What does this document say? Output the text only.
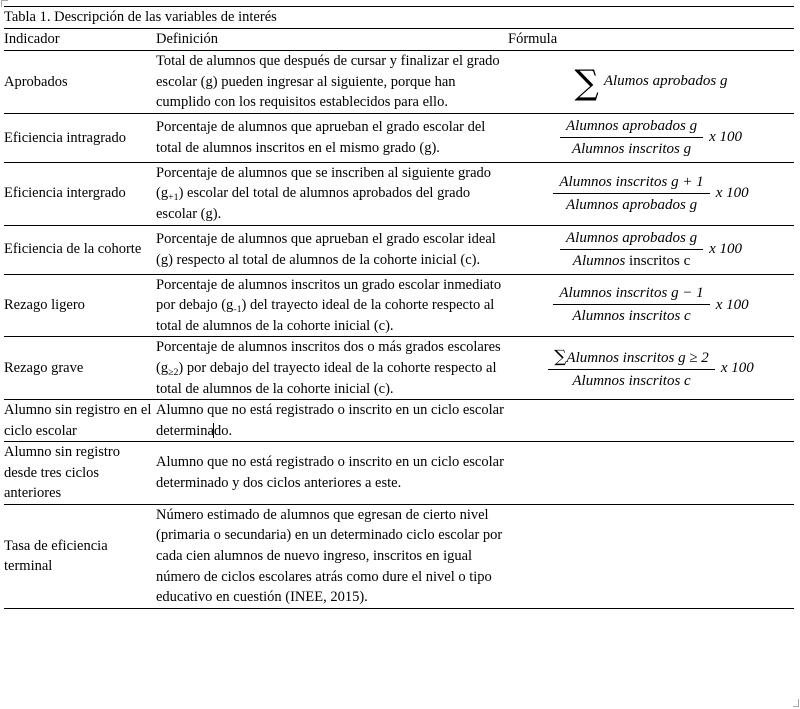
Tabla 1. Descripción de las variables de interés		
Indicador	Definición	Fórmula
Aprobados	Total de alumnos que después de cursar y finalizar el grado escolar (g) pueden ingresar al siguiente, porque han cumplido con los requisitos establecidos para ello.	∑ Alumos aprobados g

Eficiencia intragrado	Porcentaje de alumnos que aprueban el grado escolar del total de alumnos inscritos en el mismo grado (g).	$\frac{\text{Alumnos aprobados g}}{\text{Alumnos inscritos g}}$ x 100

Eficiencia intergrado	Porcentaje de alumnos que se inscriben al siguiente grado $(g_{+1})$ escolar del total de alumnos aprobados del grado escolar (g).	$\frac{\text{Alumnos inscritos g + 1}}{\text{Alumnos aprobados g}}$ x 100

Eficiencia de la cohorte	Porcentaje de alumnos que aprueban el grado escolar ideal (g) respecto al total de alumnos de la cohorte inicial (c).	$\frac{\text{Alumnos aprobados g}}{\text{Alumnos inscritos c}}$ x 100

Rezago ligero	Porcentaje de alumnos inscritos un grado escolar inmediato por debajo $(g_{-1})$ del trayecto ideal de la cohorte respecto al total de alumnos de la cohorte inicial (c).	$\frac{\text{Alumnos inscritos g − 1}}{\text{Alumnos inscritos c}}$ x 100

Rezago grave	Porcentaje de alumnos inscritos dos o más grados escolares $(g_{\ge 2})$ por debajo del trayecto ideal de la cohorte respecto al total de alumnos de la cohorte inicial (c).	$\frac{\text{∑Alumnos inscritos g ≥ 2}}{\text{Alumnos inscritos c}}$ x 100

Alumno sin registro en el ciclo escolar	Alumno que no está registrado o inscrito en un ciclo escolar determinado.	
Alumno sin registro desde tres ciclos anteriores	Alumno que no está registrado o inscrito en un ciclo escolar determinado y dos ciclos anteriores a este.	
Tasa de eficiencia terminal	Número estimado de alumnos que egresan de cierto nivel (primaria o secundaria) en un determinado ciclo escolar por cada cien alumnos de nuevo ingreso, inscritos en igual número de ciclos escolares atrás como dure el nivel o tipo educativo en cuestión (INEE, 2015).	
